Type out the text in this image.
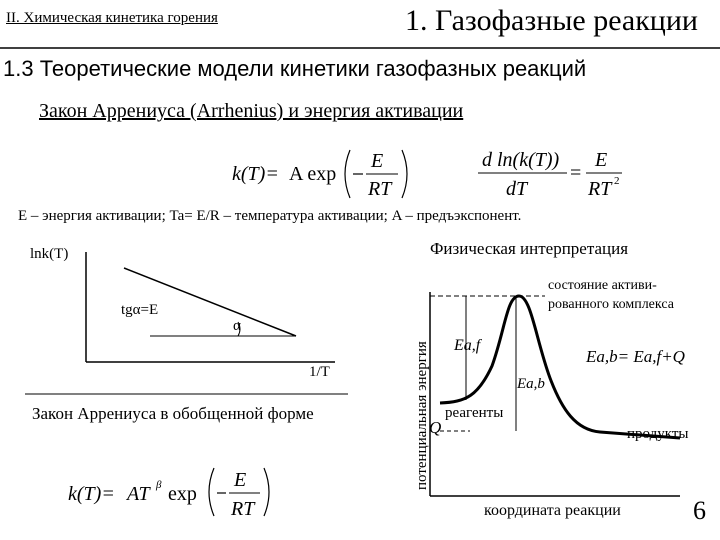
II. Химическая кинетика горения	1. Газофазные реакции
1.3 Теоретические модели кинетики газофазных реакций
Закон Аррениуса (Arrhenius) и энергия активации
k(T)= A exp
E
RT
d ln(k(T))
dT
=
E
RT 2
k(T)= AT β exp
E
RT
E – энергия активации; Ta= E/R – температура активации; A – предъэкспонент.
lnk(T)
tgα=E
α
1/T
Закон Аррениуса в обобщенной форме
Физическая интерпретация
потенциальная энергия
состояние активи-рованного комплекса
Ea,f
Ea,b
Ea,b= Ea,f+Q
реагенты
Q	продукты
координата реакции	6
